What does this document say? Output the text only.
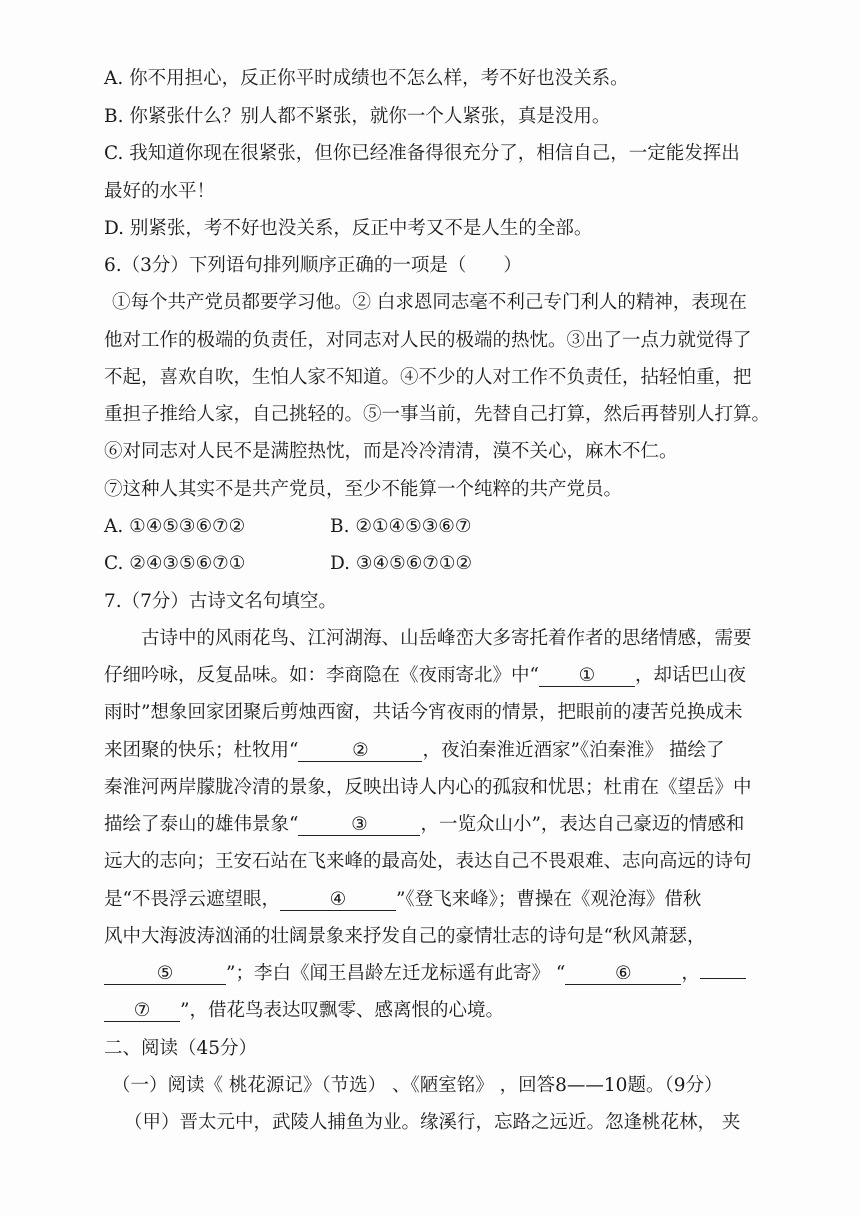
A. 你不用担心，反正你平时成绩也不怎么样，考不好也没关系。
B. 你紧张什么？别人都不紧张，就你一个人紧张，真是没用。
C. 我知道你现在很紧张，但你已经准备得很充分了，相信自己，一定能发挥出
最好的水平！
D. 别紧张，考不好也没关系，反正中考又不是人生的全部。
6.（3分）下列语句排列顺序正确的一项是（　　）
①每个共产党员都要学习他。② 白求恩同志毫不利己专门利人的精神，表现在
他对工作的极端的负责任，对同志对人民的极端的热忱。③出了一点力就觉得了
不起，喜欢自吹，生怕人家不知道。④不少的人对工作不负责任，拈轻怕重，把
重担子推给人家，自己挑轻的。⑤一事当前，先替自己打算，然后再替别人打算。
⑥对同志对人民不是满腔热忱，而是冷冷清清，漠不关心，麻木不仁。
⑦这种人其实不是共产党员，至少不能算一个纯粹的共产党员。
A. ①④⑤③⑥⑦②	B. ②①④⑤③⑥⑦
C. ②④③⑤⑥⑦①	D. ③④⑤⑥⑦①②
7.（7分）古诗文名句填空。
古诗中的风雨花鸟、江河湖海、山岳峰峦大多寄托着作者的思绪情感，需要
仔细吟咏，反复品味。如：李商隐在《夜雨寄北》中“ ① ，却话巴山夜
雨时”想象回家团聚后剪烛西窗，共话今宵夜雨的情景，把眼前的凄苦兑换成未
来团聚的快乐；杜牧用“	②	，夜泊秦淮近酒家”《泊秦淮》 描绘了
秦淮河两岸朦胧冷清的景象，反映出诗人内心的孤寂和忧思；杜甫在《望岳》中
描绘了泰山的雄伟景象“	③	，一览众山小”，表达自己豪迈的情感和
远大的志向；王安石站在飞来峰的最高处，表达自己不畏艰难、志向高远的诗句
是“不畏浮云遮望眼，	④	”《登飞来峰》；曹操在《观沧海》借秋
风中大海波涛汹涌的壮阔景象来抒发自己的豪情壮志的诗句是“秋风萧瑟，
⑤	”；李白《闻王昌龄左迁龙标遥有此寄》 “	⑥	，
⑦ ”，借花鸟表达叹飘零、感离恨的心境。
二、阅读（45分）
（一）阅读《 桃花源记》（节选） 、《陋室铭》 ，回答8——10题。（9分）
（甲）晋太元中，武陵人捕鱼为业。缘溪行，忘路之远近。忽逢桃花林， 夹
